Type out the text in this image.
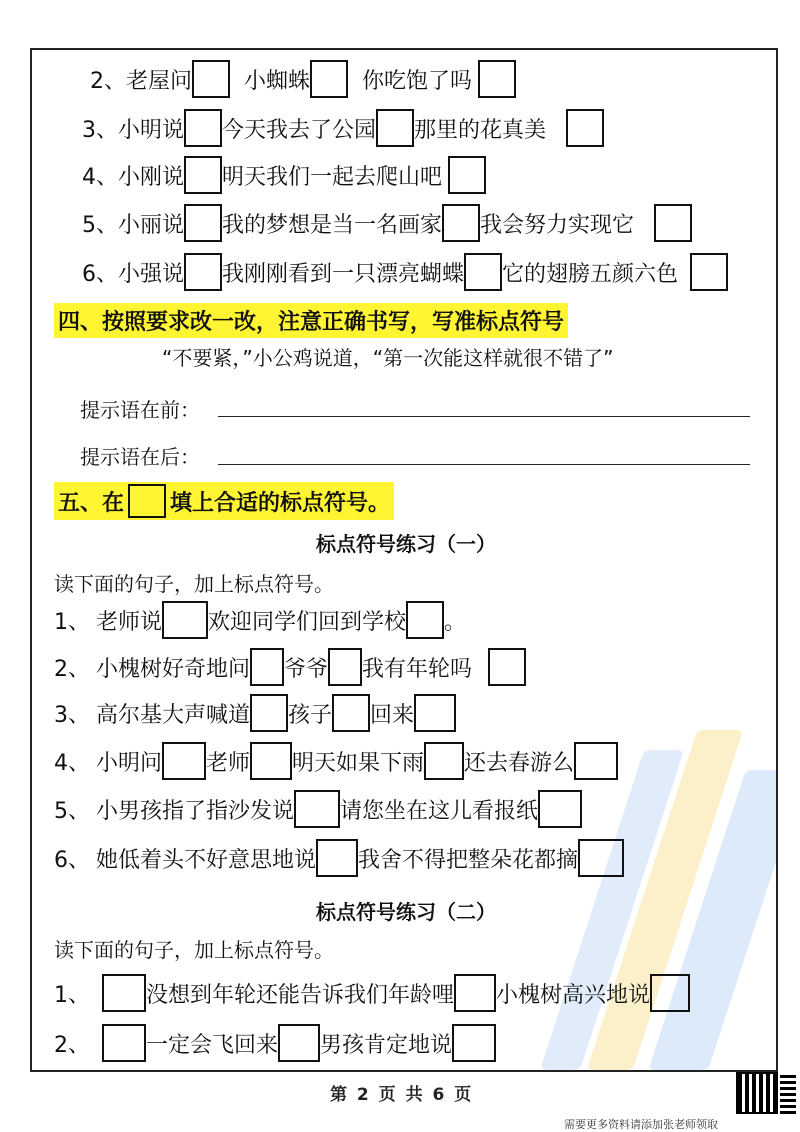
2、 老屋问 小蜘蛛 你吃饱了吗
3、 小明说 今天我去了公园 那里的花真美
4、 小刚说 明天我们一起去爬山吧
5、 小丽说 我的梦想是当一名画家 我会努力实现它
6、 小强说 我刚刚看到一只漂亮蝴蝶 它的翅膀五颜六色
四、按照要求改一改，注意正确书写，写准标点符号
“不要紧，”小公鸡说道，“第一次能这样就很不错了”
提示语在前：
提示语在后：
五、在 填上合适的标点符号。
标点符号练习（一）
读下面的句子，加上标点符号。
1、 老师说 欢迎同学们回到学校 。
2、 小槐树好奇地问 爷爷 我有年轮吗
3、 高尔基大声喊道 孩子 回来
4、 小明问 老师 明天如果下雨 还去春游么
5、 小男孩指了指沙发说 请您坐在这儿看报纸
6、 她低着头不好意思地说 我舍不得把整朵花都摘
标点符号练习（二）
读下面的句子，加上标点符号。
1、	没想到年轮还能告诉我们年龄哩 小槐树高兴地说
2、	一定会飞回来 男孩肯定地说
第 2 页 共 6 页
需要更多资料请添加张老师领取
